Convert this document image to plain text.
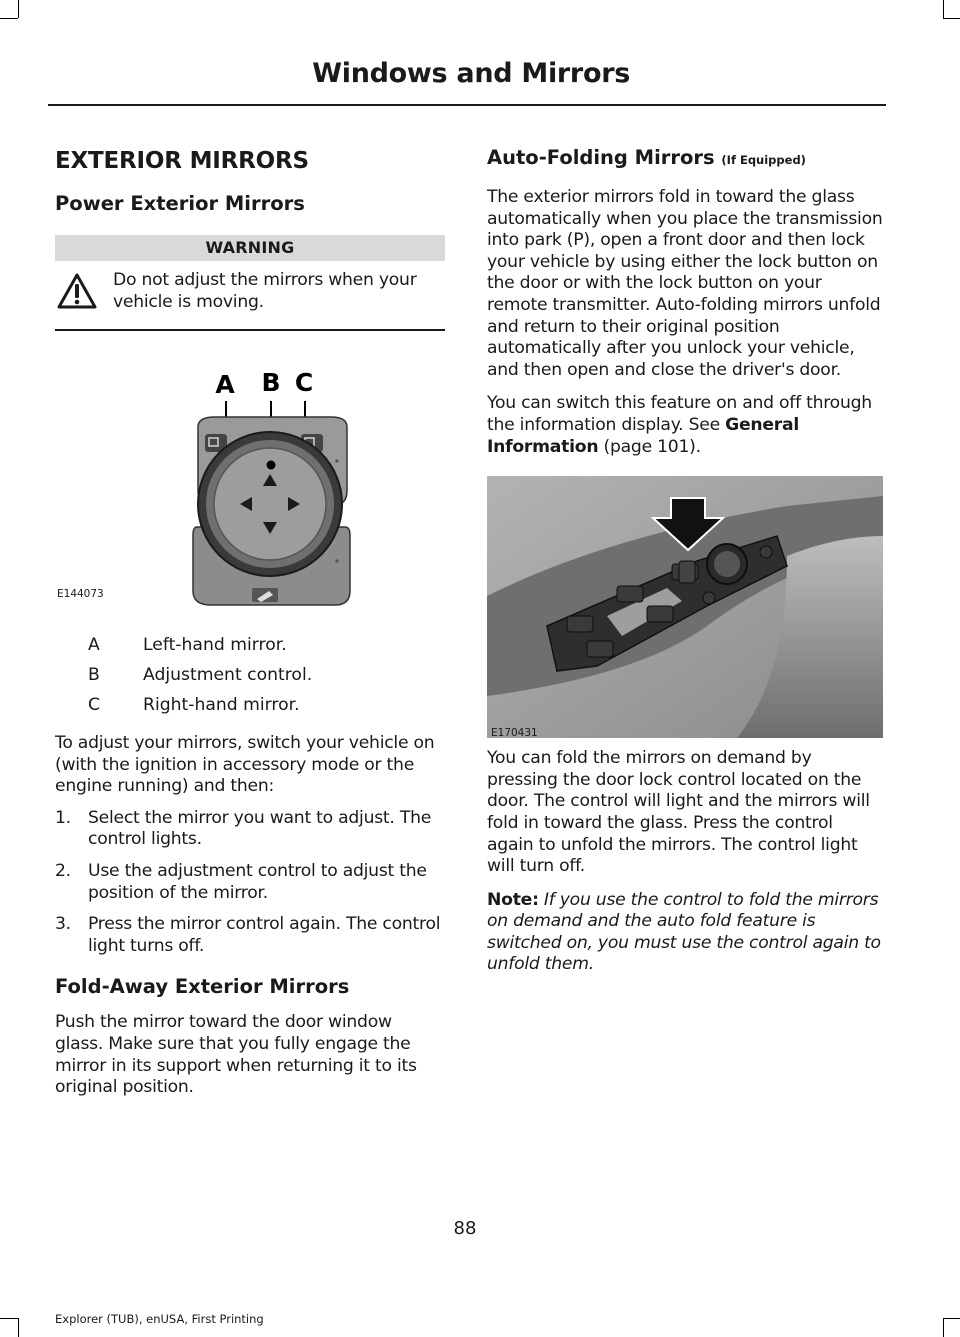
Windows and Mirrors
EXTERIOR MIRRORS
Power Exterior Mirrors
WARNING
Do not adjust the mirrors when your vehicle is moving.
A B C
E144073
A	Left-hand mirror.
B	Adjustment control.
C Right-hand mirror.

To adjust your mirrors, switch your vehicle on (with the ignition in accessory mode or the engine running) and then:

1. Select the mirror you want to adjust. The control lights.
2. Use the adjustment control to adjust the position of the mirror.
3. Press the mirror control again. The control light turns off.
Fold-Away Exterior Mirrors

Push the mirror toward the door window glass. Make sure that you fully engage the mirror in its support when returning it to its original position.

Auto-Folding Mirrors (If Equipped)

The exterior mirrors fold in toward the glass automatically when you place the transmission into park (P), open a front door and then lock your vehicle by using either the lock button on the door or with the lock button on your remote transmitter. Auto-folding mirrors unfold and return to their original position automatically after you unlock your vehicle, and then open and close the driver's door.

You can switch this feature on and off through the information display. See General Information (page 101).

E170431

You can fold the mirrors on demand by pressing the door lock control located on the door. The control will light and the mirrors will fold in toward the glass. Press the control again to unfold the mirrors. The control light will turn off.

Note: If you use the control to fold the mirrors on demand and the auto fold feature is switched on, you must use the control again to unfold them.

88
Explorer (TUB), enUSA, First Printing
